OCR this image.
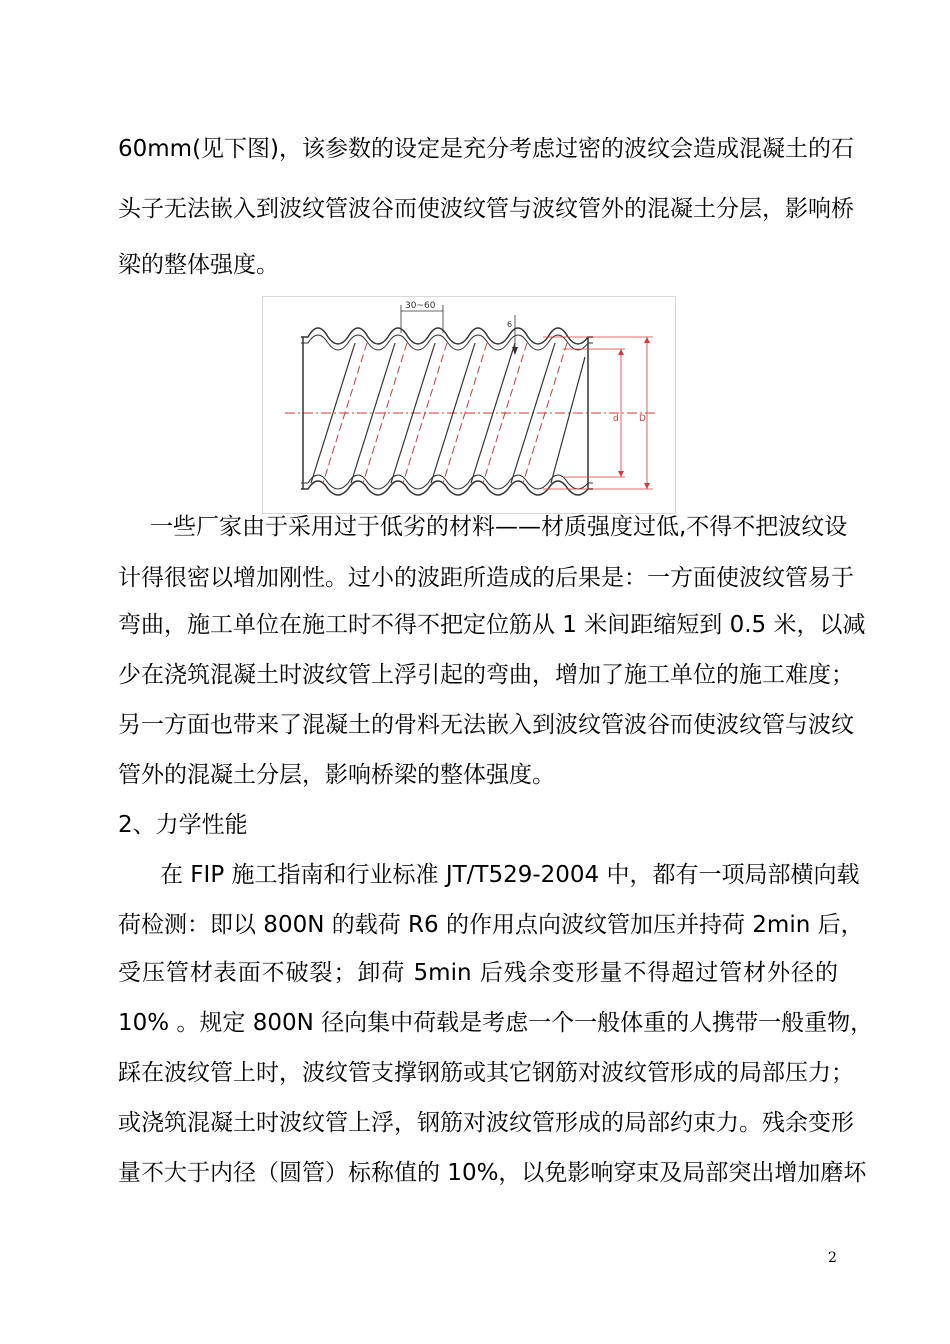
60mm(见下图)，该参数的设定是充分考虑过密的波纹会造成混凝土的石
头子无法嵌入到波纹管波谷而使波纹管与波纹管外的混凝土分层，影响桥
梁的整体强度。
30~60
6
d D
一些厂家由于采用过于低劣的材料——材质强度过低,不得不把波纹设
计得很密以增加刚性。过小的波距所造成的后果是：一方面使波纹管易于
弯曲，施工单位在施工时不得不把定位筋从 1 米间距缩短到 0.5 米，以减
少在浇筑混凝土时波纹管上浮引起的弯曲，增加了施工单位的施工难度；
另一方面也带来了混凝土的骨料无法嵌入到波纹管波谷而使波纹管与波纹
管外的混凝土分层，影响桥梁的整体强度。
2、力学性能
在 FIP 施工指南和行业标准 JT/T529-2004 中，都有一项局部横向载
荷检测：即以 800N 的载荷 R6 的作用点向波纹管加压并持荷 2min 后，
受压管材表面不破裂；卸荷 5min 后残余变形量不得超过管材外径的
10% 。规定 800N 径向集中荷载是考虑一个一般体重的人携带一般重物，
踩在波纹管上时，波纹管支撑钢筋或其它钢筋对波纹管形成的局部压力；
或浇筑混凝土时波纹管上浮，钢筋对波纹管形成的局部约束力。残余变形
量不大于内径（圆管）标称值的 10%，以免影响穿束及局部突出增加磨坏
2
